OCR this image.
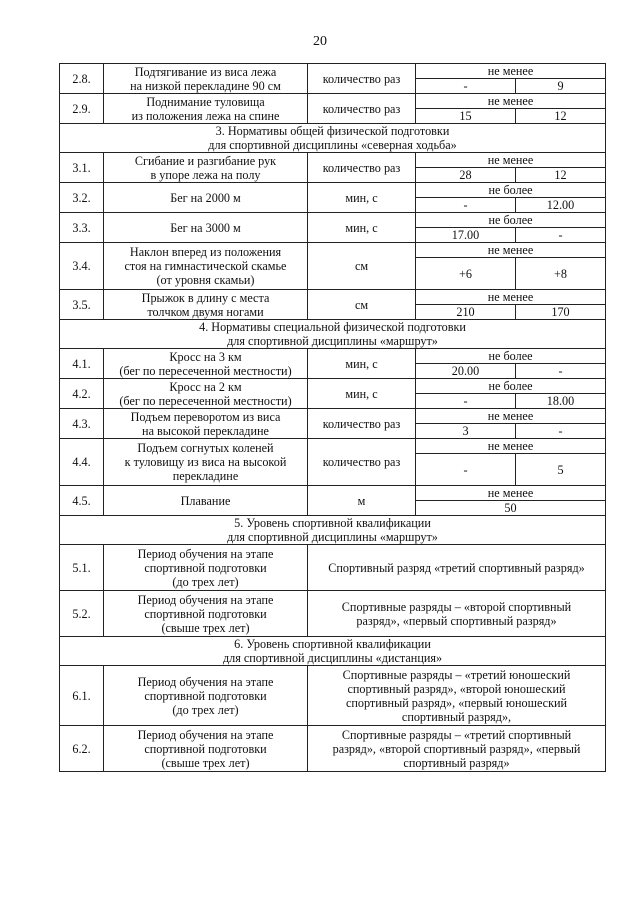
20
2.8.	Подтягивание из виса лежа
на низкой перекладине 90 см	количество раз	не менее	
			-	9
2.9.	Поднимание туловища
из положения лежа на спине	количество раз	не менее	
			15	12

3. Нормативы общей физической подготовки
для спортивной дисциплины «северная ходьба»				

3.1.	Сгибание и разгибание рук
в упоре лежа на полу	количество раз	не менее	
			28	12
3.2.	Бег на 2000 м	мин, с	не более	
			-	12.00
3.3.	Бег на 3000 м	мин, с	не более	
			17.00	-
3.4.	Наклон вперед из положения
стоя на гимнастической скамье
(от уровня скамьи)	см	не менее	
			+6	+8
3.5.	Прыжок в длину с места
толчком двумя ногами	см	не менее	
			210	170

4. Нормативы специальной физической подготовки
для спортивной дисциплины «маршрут»				

4.1.	Кросс на 3 км
(бег по пересеченной местности)	мин, с	не более	
			20.00	-
4.2.	Кросс на 2 км
(бег по пересеченной местности)	мин, с	не более	
			-	18.00
4.3.	Подъем переворотом из виса
на высокой перекладине	количество раз	не менее	
			3	-
4.4.	Подъем согнутых коленей
к туловищу из виса на высокой
перекладине	количество раз	не менее	
			-	5
4.5.	Плавание	м	не менее	
			50	

5. Уровень спортивной квалификации
для спортивной дисциплины «маршрут»				

5.1.	Период обучения на этапе
спортивной подготовки
(до трех лет)	Спортивный разряд «третий спортивный разряд»		

5.2.	Период обучения на этапе
спортивной подготовки
(свыше трех лет)	Спортивные разряды – «второй спортивный
разряд», «первый спортивный разряд»		

6. Уровень спортивной квалификации
для спортивной дисциплины «дистанция»				

6.1.	Период обучения на этапе
спортивной подготовки
(до трех лет)	Спортивные разряды – «третий юношеский
спортивный разряд», «второй юношеский
спортивный разряд», «первый юношеский
спортивный разряд»,		

6.2.	Период обучения на этапе
спортивной подготовки
(свыше трех лет)	Спортивные разряды – «третий спортивный
разряд», «второй спортивный разряд», «первый
спортивный разряд»		
